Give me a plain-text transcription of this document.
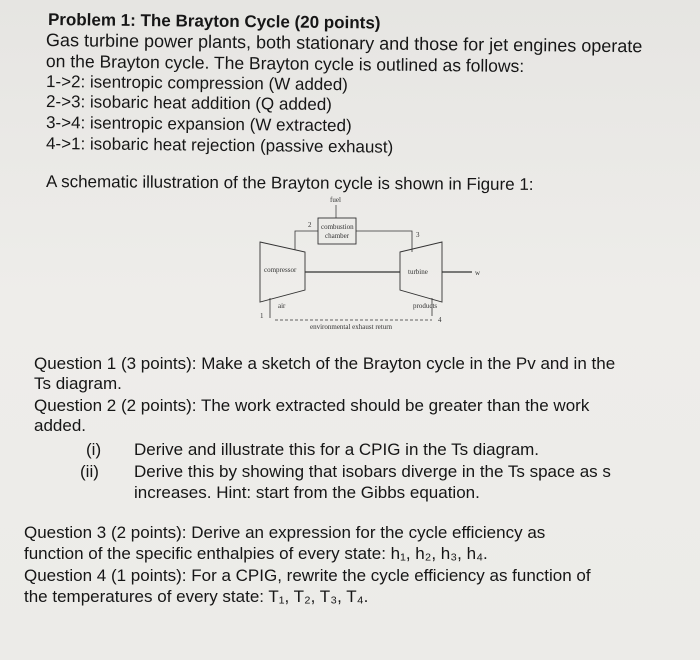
Problem 1: The Brayton Cycle (20 points)
Gas turbine power plants, both stationary and those for jet engines operate
on the Brayton cycle. The Brayton cycle is outlined as follows:
1->2: isentropic compression (W added)
2->3: isobaric heat addition (Q added)
3->4: isentropic expansion (W extracted)
4->1: isobaric heat rejection (passive exhaust)
A schematic illustration of the Brayton cycle is shown in Figure 1:
fuel
combustion
chamber
compressor	turbine	w
2
3
air
1
products
4
environmental exhaust return
Question 1 (3 points): Make a sketch of the Brayton cycle in the Pv and in the
Ts diagram.
Question 2 (2 points): The work extracted should be greater than the work
added.
(i) Derive and illustrate this for a CPIG in the Ts diagram.
(ii) Derive this by showing that isobars diverge in the Ts space as s
increases. Hint: start from the Gibbs equation.
Question 3 (2 points): Derive an expression for the cycle efficiency as
function of the specific enthalpies of every state: h₁, h₂, h₃, h₄.
Question 4 (1 points): For a CPIG, rewrite the cycle efficiency as function of
the temperatures of every state: T₁, T₂, T₃, T₄.
